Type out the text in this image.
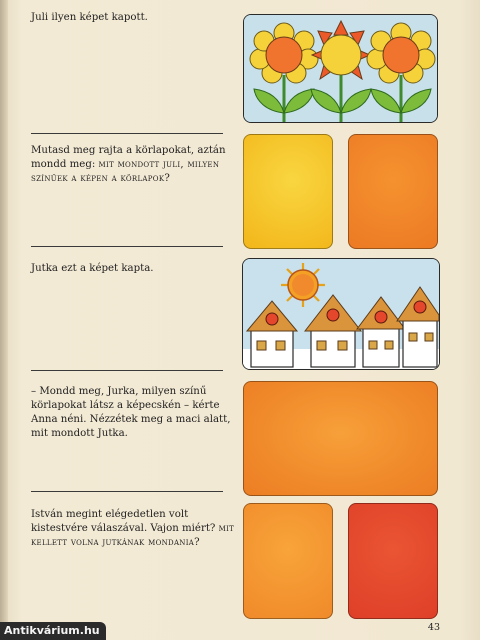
Juli ilyen képet kapott.
Mutasd meg rajta a körlapokat, aztán mondd meg: mit mondott juli, milyen színűek a képen a körlapok?
Jutka ezt a képet kapta.
– Mondd meg, Jurka, milyen színű körlapokat látsz a képecskén – kérte Anna néni. Nézzétek meg a maci alatt, mit mondott Jutka.
István megint elégedetlen volt kistestvére válaszával. Vajon miért? mit kellett volna jutkának mondania?
43
Antikvárium.hu
